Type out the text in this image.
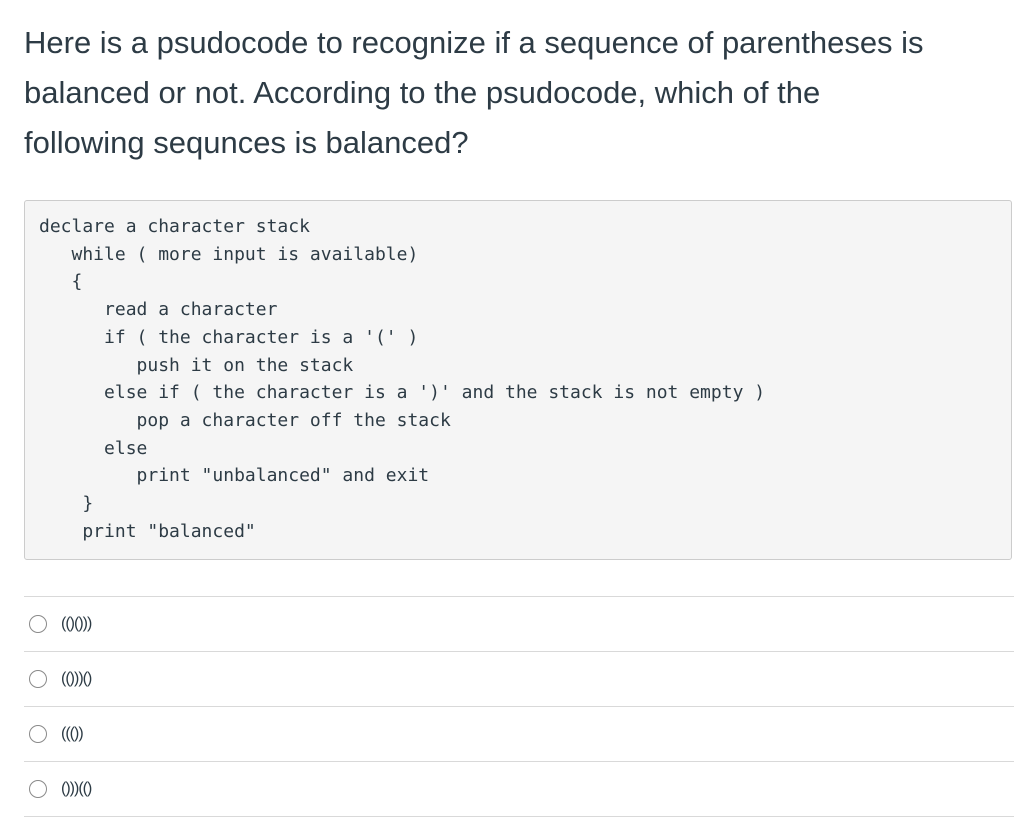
Here is a psudocode to recognize if a sequence of parentheses is

balanced or not. According to the psudocode, which of the

following sequnces is balanced?

declare a character stack
while ( more input is available)
{
read a character
if ( the character is a '(' )
push it on the stack
else if ( the character is a ')' and the stack is not empty )
pop a character off the stack
else
print "unbalanced" and exit
}
print "balanced"
(()()))
(()))()
((())
()))(()
